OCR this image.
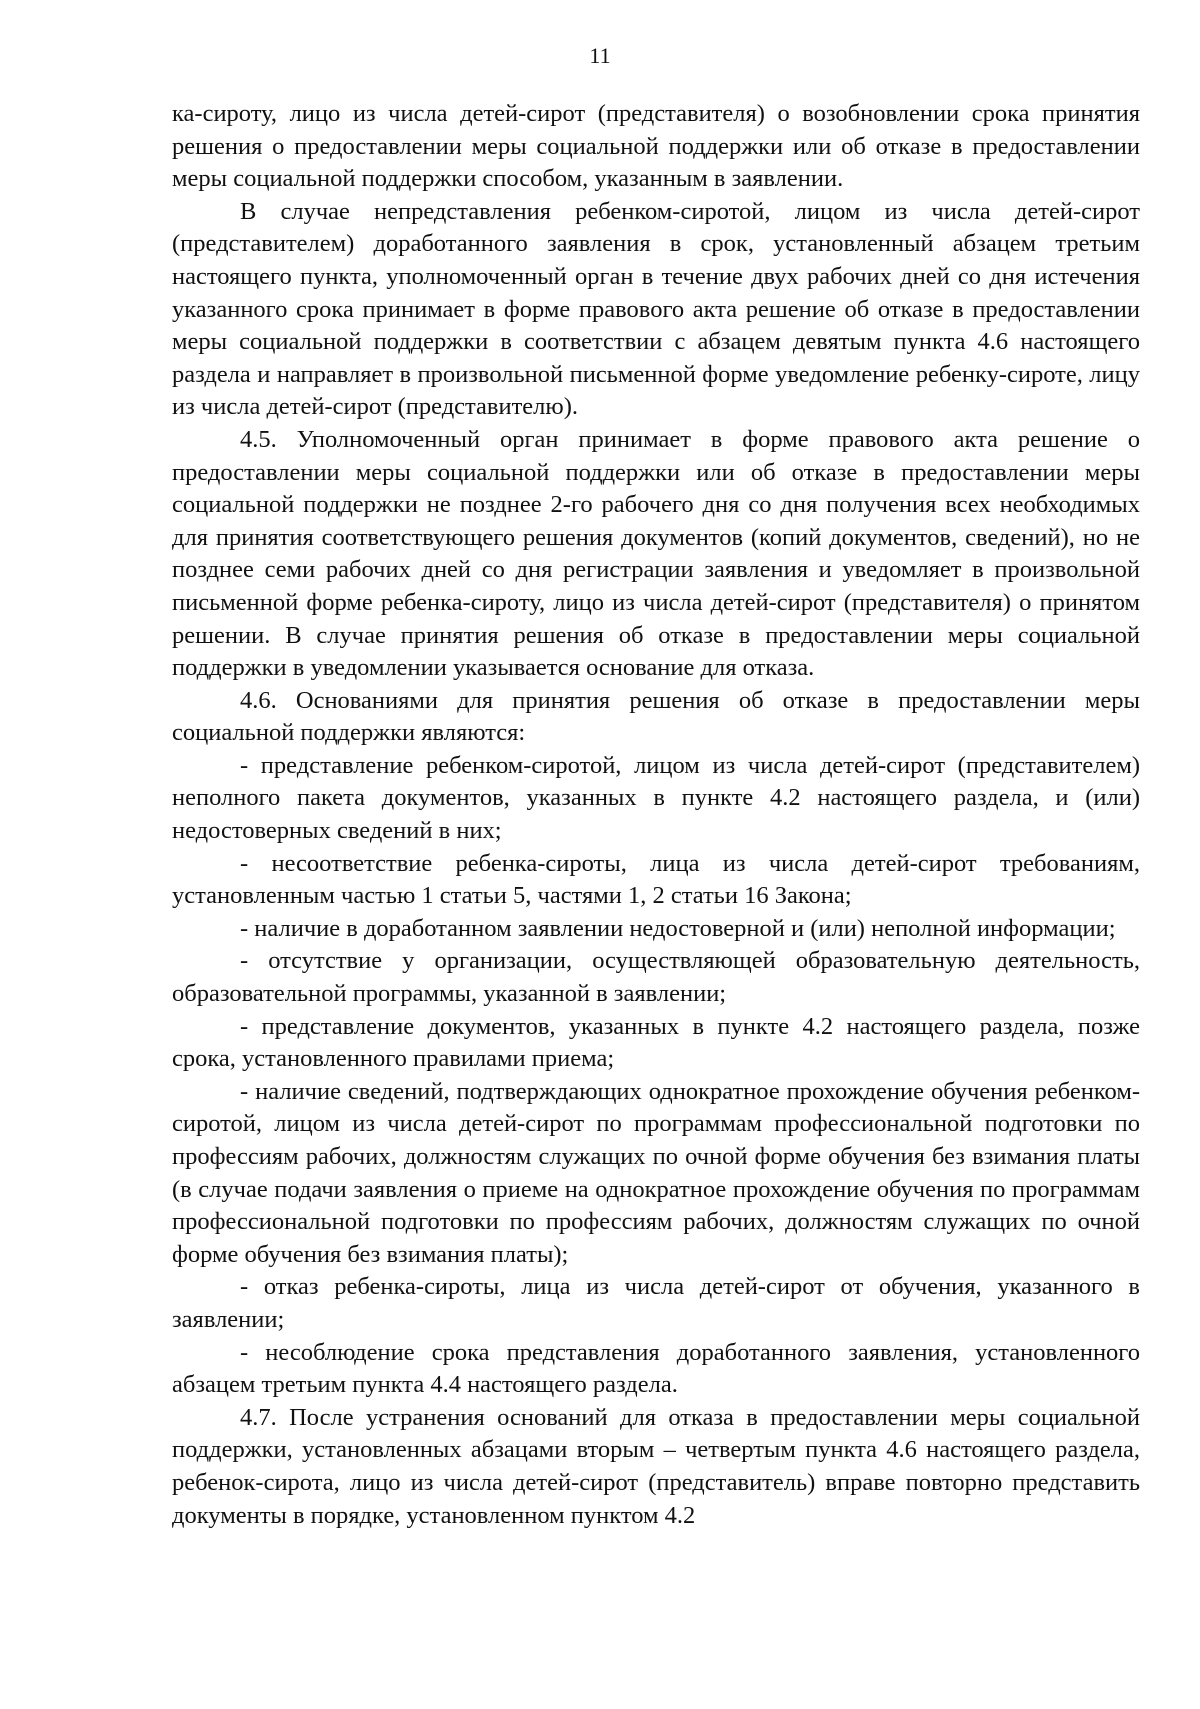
11

ка-сироту, лицо из числа детей-сирот (представителя) о возобновлении срока принятия решения о предоставлении меры социальной поддержки или об отказе в предоставлении меры социальной поддержки способом, указанным в заявлении.

В случае непредставления ребенком-сиротой, лицом из числа детей-сирот (представителем) доработанного заявления в срок, установленный абзацем третьим настоящего пункта, уполномоченный орган в течение двух рабочих дней со дня истечения указанного срока принимает в форме правового акта решение об отказе в предоставлении меры социальной поддержки в соответствии с абзацем девятым пункта 4.6 настоящего раздела и направляет в произвольной письменной форме уведомление ребенку-сироте, лицу из числа детей-сирот (представителю).

4.5. Уполномоченный орган принимает в форме правового акта решение о предоставлении меры социальной поддержки или об отказе в предоставлении меры социальной поддержки не позднее 2-го рабочего дня со дня получения всех необходимых для принятия соответствующего решения документов (копий документов, сведений), но не позднее семи рабочих дней со дня регистрации заявления и уведомляет в произвольной письменной форме ребенка-сироту, лицо из числа детей-сирот (представителя) о принятом решении. В случае принятия решения об отказе в предоставлении меры социальной поддержки в уведомлении указывается основание для отказа.

4.6. Основаниями для принятия решения об отказе в предоставлении меры социальной поддержки являются:

- представление ребенком-сиротой, лицом из числа детей-сирот (представителем) неполного пакета документов, указанных в пункте 4.2 настоящего раздела, и (или) недостоверных сведений в них;

- несоответствие ребенка-сироты, лица из числа детей-сирот требованиям, установленным частью 1 статьи 5, частями 1, 2 статьи 16 Закона;

- наличие в доработанном заявлении недостоверной и (или) неполной информации;

- отсутствие у организации, осуществляющей образовательную деятельность, образовательной программы, указанной в заявлении;

- представление документов, указанных в пункте 4.2 настоящего раздела, позже срока, установленного правилами приема;

- наличие сведений, подтверждающих однократное прохождение обучения ребенком-сиротой, лицом из числа детей-сирот по программам профессиональной подготовки по профессиям рабочих, должностям служащих по очной форме обучения без взимания платы (в случае подачи заявления о приеме на однократное прохождение обучения по программам профессиональной подготовки по профессиям рабочих, должностям служащих по очной форме обучения без взимания платы);

- отказ ребенка-сироты, лица из числа детей-сирот от обучения, указанного в заявлении;

- несоблюдение срока представления доработанного заявления, установленного абзацем третьим пункта 4.4 настоящего раздела.

4.7. После устранения оснований для отказа в предоставлении меры социальной поддержки, установленных абзацами вторым – четвертым пункта 4.6 настоящего раздела, ребенок-сирота, лицо из числа детей-сирот (представитель) вправе повторно представить документы в порядке, установленном пунктом 4.2
